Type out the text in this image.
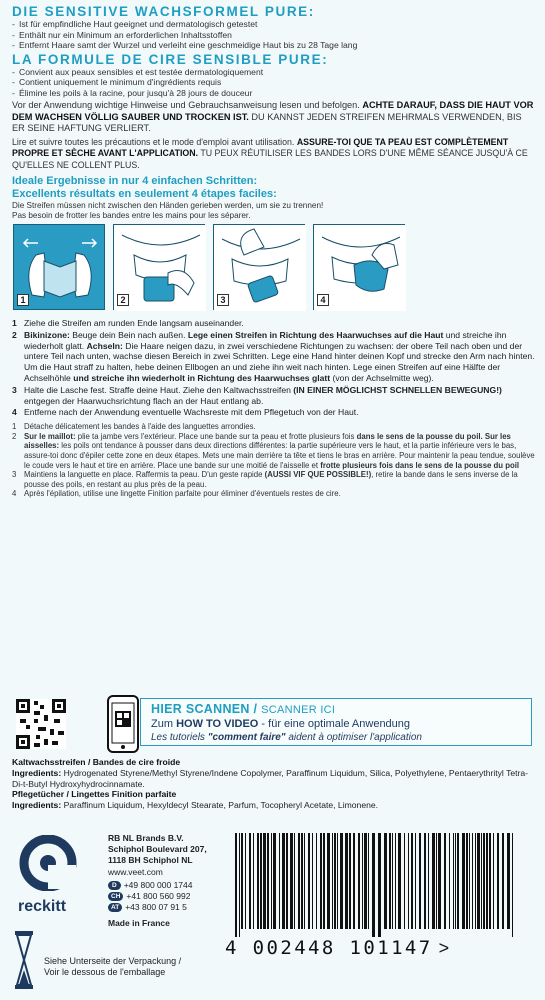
DIE SENSITIVE WACHSFORMEL PURE:
- Ist für empfindliche Haut geeignet und dermatologisch getestet
- Enthält nur ein Minimum an erforderlichen Inhaltsstoffen
- Entfernt Haare samt der Wurzel und verleiht eine geschmeidige Haut bis zu 28 Tage lang
LA FORMULE DE CIRE SENSIBLE PURE:
- Convient aux peaux sensibles et est testée dermatologiquement
- Contient uniquement le minimum d'ingrédients requis
- Élimine les poils à la racine, pour jusqu'à 28 jours de douceur
Vor der Anwendung wichtige Hinweise und Gebrauchsanweisung lesen und befolgen. ACHTE DARAUF, DASS DIE HAUT VOR DEM WACHSEN VÖLLIG SAUBER UND TROCKEN IST. DU KANNST JEDEN STREIFEN MEHRMALS VERWENDEN, BIS ER SEINE HAFTUNG VERLIERT.
Lire et suivre toutes les précautions et le mode d'emploi avant utilisation. ASSURE-TOI QUE TA PEAU EST COMPLÈTEMENT PROPRE ET SÈCHE AVANT L'APPLICATION. TU PEUX RÉUTILISER LES BANDES LORS D'UNE MÊME SÉANCE JUSQU'À CE QU'ELLES NE COLLENT PLUS.
Ideale Ergebnisse in nur 4 einfachen Schritten:
Excellents résultats en seulement 4 étapes faciles:
Die Streifen müssen nicht zwischen den Händen gerieben werden, um sie zu trennen!
Pas besoin de frotter les bandes entre les mains pour les séparer.
1	2	3	4
1 Ziehe die Streifen am runden Ende langsam auseinander.
2 Bikinizone: Beuge dein Bein nach außen. Lege einen Streifen in Richtung des Haarwuchses auf die Haut und streiche ihn wiederholt glatt. Achseln: Die Haare neigen dazu, in zwei verschiedene Richtungen zu wachsen: der obere Teil nach oben und der untere Teil nach unten, wachse diesen Bereich in zwei Schritten. Lege eine Hand hinter deinen Kopf und strecke den Arm nach hinten. Um die Haut straff zu halten, hebe deinen Ellbogen an und ziehe ihn weit nach hinten. Lege einen Streifen auf eine Hälfte der Achselhöhle und streiche ihn wiederholt in Richtung des Haarwuchses glatt (von der Achselmitte weg).
3 Halte die Lasche fest. Straffe deine Haut. Ziehe den Kaltwachsstreifen (IN EINER MÖGLICHST SCHNELLEN BEWEGUNG!) entgegen der Haarwuchsrichtung flach an der Haut entlang ab.
4 Entferne nach der Anwendung eventuelle Wachsreste mit dem Pflegetuch von der Haut.
1 Détache délicatement les bandes à l'aide des languettes arrondies.
2 Sur le maillot: plie ta jambe vers l'extérieur. Place une bande sur ta peau et frotte plusieurs fois dans le sens de la pousse du poil. Sur les aisselles: les poils ont tendance à pousser dans deux directions différentes: la partie supérieure vers le haut, et la partie inférieure vers le bas, assure-toi donc d'épiler cette zone en deux étapes. Mets une main derrière ta tête et tiens le bras en arrière. Pour maintenir la peau tendue, soulève le coude vers le haut et tire en arrière. Place une bande sur une moitié de l'aisselle et frotte plusieurs fois dans le sens de la pousse du poil
3 Maintiens la languette en place. Raffermis ta peau. D'un geste rapide (AUSSI VIF QUE POSSIBLE!), retire la bande dans le sens inverse de la pousse des poils, en restant au plus près de la peau.
4 Après l'épilation, utilise une lingette Finition parfaite pour éliminer d'éventuels restes de cire.
HIER SCANNEN / SCANNER ICI
Zum HOW TO VIDEO - für eine optimale Anwendung
Les tutoriels "comment faire" aident à optimiser l'application
Kaltwachsstreifen / Bandes de cire froide
Ingredients: Hydrogenated Styrene/Methyl Styrene/Indene Copolymer, Paraffinum Liquidum, Silica, Polyethylene, Pentaerythrityl Tetra-Di-t-Butyl Hydroxyhydrocinnamate.
Pflegetücher / Lingettes Finition parfaite
Ingredients: Paraffinum Liquidum, Hexyldecyl Stearate, Parfum, Tocopheryl Acetate, Limonene.
reckitt
RB NL Brands B.V.
Schiphol Boulevard 207,
1118 BH Schiphol NL
www.veet.com
D +49 800 000 1744
CH +41 800 560 992
AT +43 800 07 91 5
Made in France
Siehe Unterseite der Verpackung /
Voir le dessous de l'emballage
4 002448 101147 >
